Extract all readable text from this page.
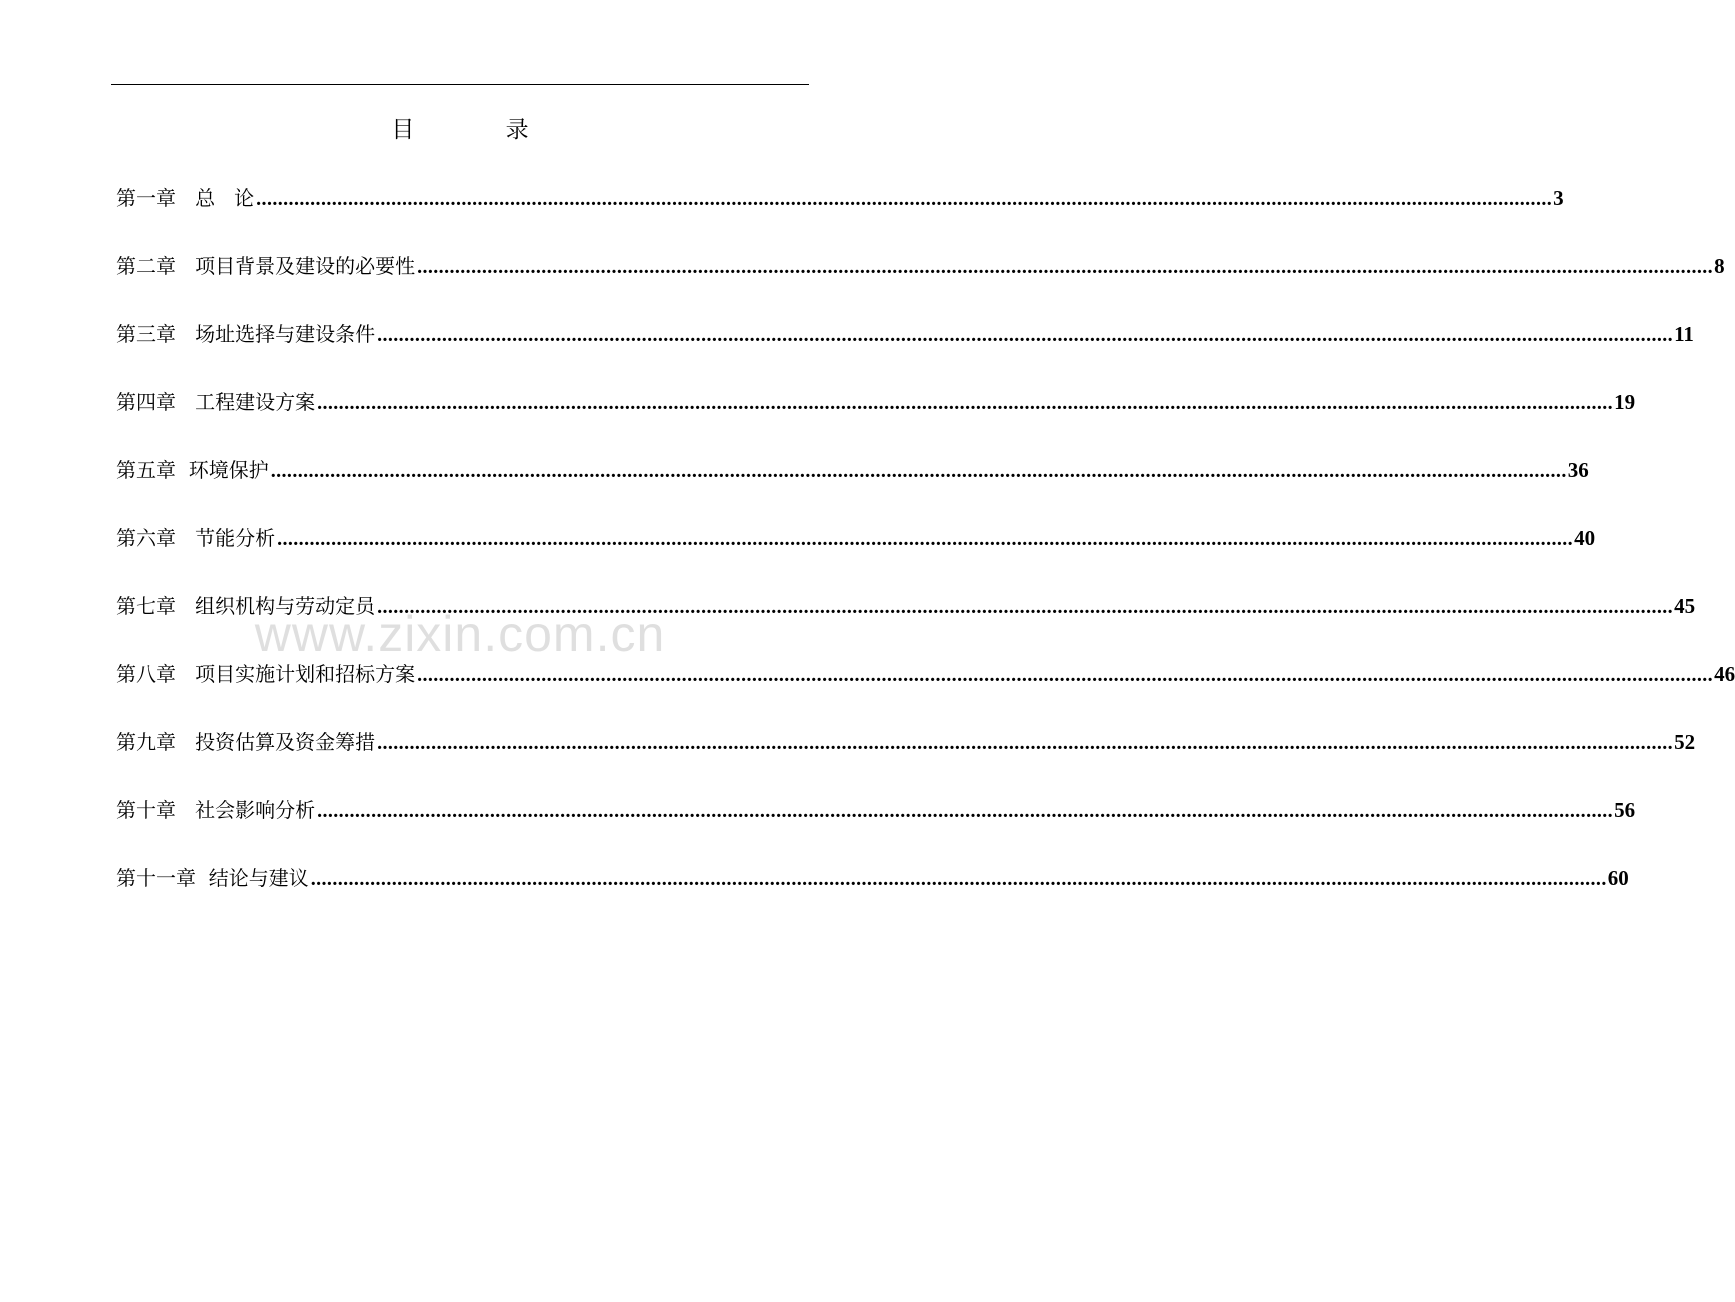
目 录
第一章   总   论 ................................................................................................................................................................................................................................................ 3
第二章   项目背景及建设的必要性 ................................................................................................................................................................................................................................................ 8
第三章   场址选择与建设条件 ................................................................................................................................................................................................................................................ 11
第四章   工程建设方案 ................................................................................................................................................................................................................................................ 19
第五章  环境保护 ................................................................................................................................................................................................................................................ 36
第六章   节能分析 ................................................................................................................................................................................................................................................ 40
第七章   组织机构与劳动定员 ................................................................................................................................................................................................................................................ 45
第八章   项目实施计划和招标方案 ................................................................................................................................................................................................................................................ 46
第九章   投资估算及资金筹措 ................................................................................................................................................................................................................................................ 52
第十章   社会影响分析 ................................................................................................................................................................................................................................................ 56
第十一章  结论与建议 ................................................................................................................................................................................................................................................ 60
www.zixin.com.cn
